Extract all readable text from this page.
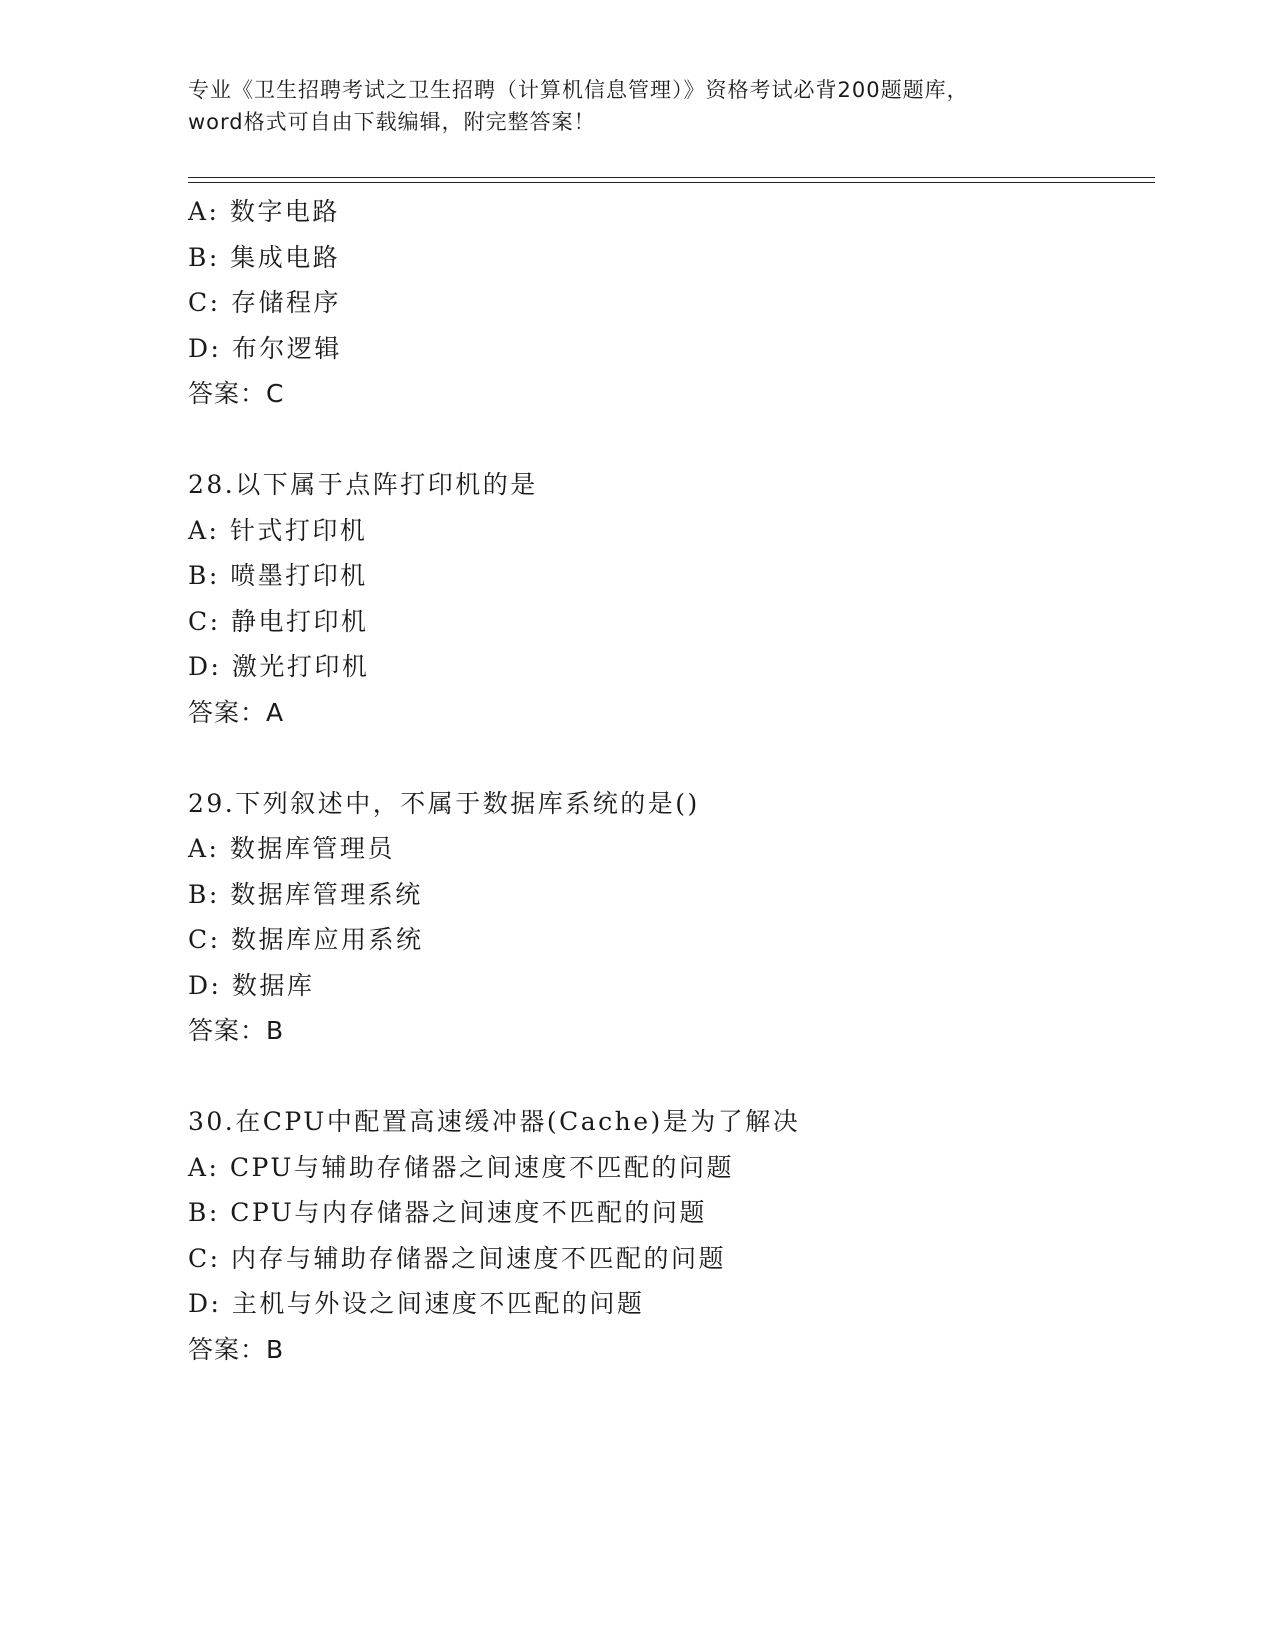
专业《卫生招聘考试之卫生招聘（计算机信息管理）》资格考试必背200题题库，
word格式可自由下载编辑，附完整答案！
A: 数字电路
B: 集成电路
C: 存储程序
D: 布尔逻辑
答案：C
28.以下属于点阵打印机的是
A: 针式打印机
B: 喷墨打印机
C: 静电打印机
D: 激光打印机
答案：A
29.下列叙述中，不属于数据库系统的是()
A: 数据库管理员
B: 数据库管理系统
C: 数据库应用系统
D: 数据库
答案：B
30.在CPU中配置高速缓冲器(Cache)是为了解决
A: CPU与辅助存储器之间速度不匹配的问题
B: CPU与内存储器之间速度不匹配的问题
C: 内存与辅助存储器之间速度不匹配的问题
D: 主机与外设之间速度不匹配的问题
答案：B
